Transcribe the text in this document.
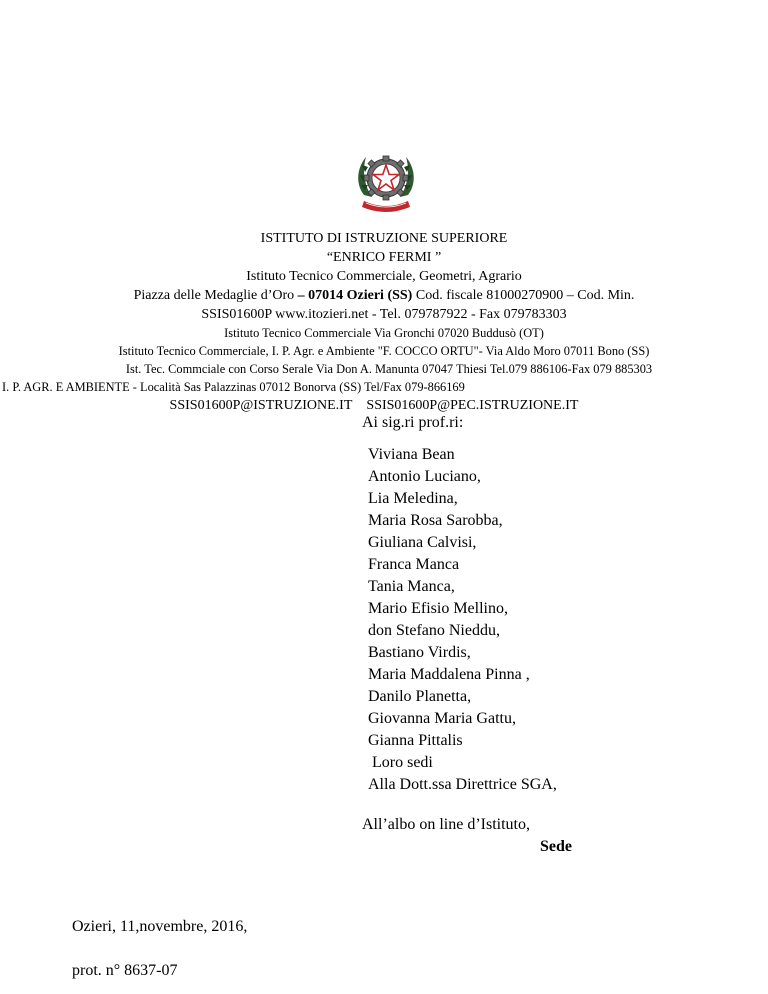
ISTITUTO DI ISTRUZIONE SUPERIORE
“ENRICO FERMI ”
Istituto Tecnico Commerciale, Geometri, Agrario
Piazza delle Medaglie d’Oro – 07014 Ozieri (SS) Cod. fiscale 81000270900 – Cod. Min.
SSIS01600P www.itozieri.net - Tel. 079787922 - Fax 079783303
Istituto Tecnico Commerciale Via Gronchi 07020 Buddusò (OT)
Istituto Tecnico Commerciale, I. P. Agr. e Ambiente "F. COCCO ORTU"- Via Aldo Moro 07011 Bono (SS)
Ist. Tec. Commciale con Corso Serale Via Don A. Manunta 07047 Thiesi Tel.079 886106-Fax 079 885303
I. P. AGR. E AMBIENTE - Località Sas Palazzinas 07012 Bonorva (SS) Tel/Fax 079-866169
SSIS01600P@ISTRUZIONE.IT SSIS01600P@PEC.ISTRUZIONE.IT
Ai sig.ri prof.ri:
Viviana Bean
Antonio Luciano,
Lia Meledina,
Maria Rosa Sarobba,
Giuliana Calvisi,
Franca Manca
Tania Manca,
Mario Efisio Mellino,
don Stefano Nieddu,
Bastiano Virdis,
Maria Maddalena Pinna ,
Danilo Planetta,
Giovanna Maria Gattu,
Gianna Pittalis
Loro sedi
Alla Dott.ssa Direttrice SGA,
All’albo on line d’Istituto,
Sede
Ozieri, 11,novembre, 2016,
prot. n° 8637-07
